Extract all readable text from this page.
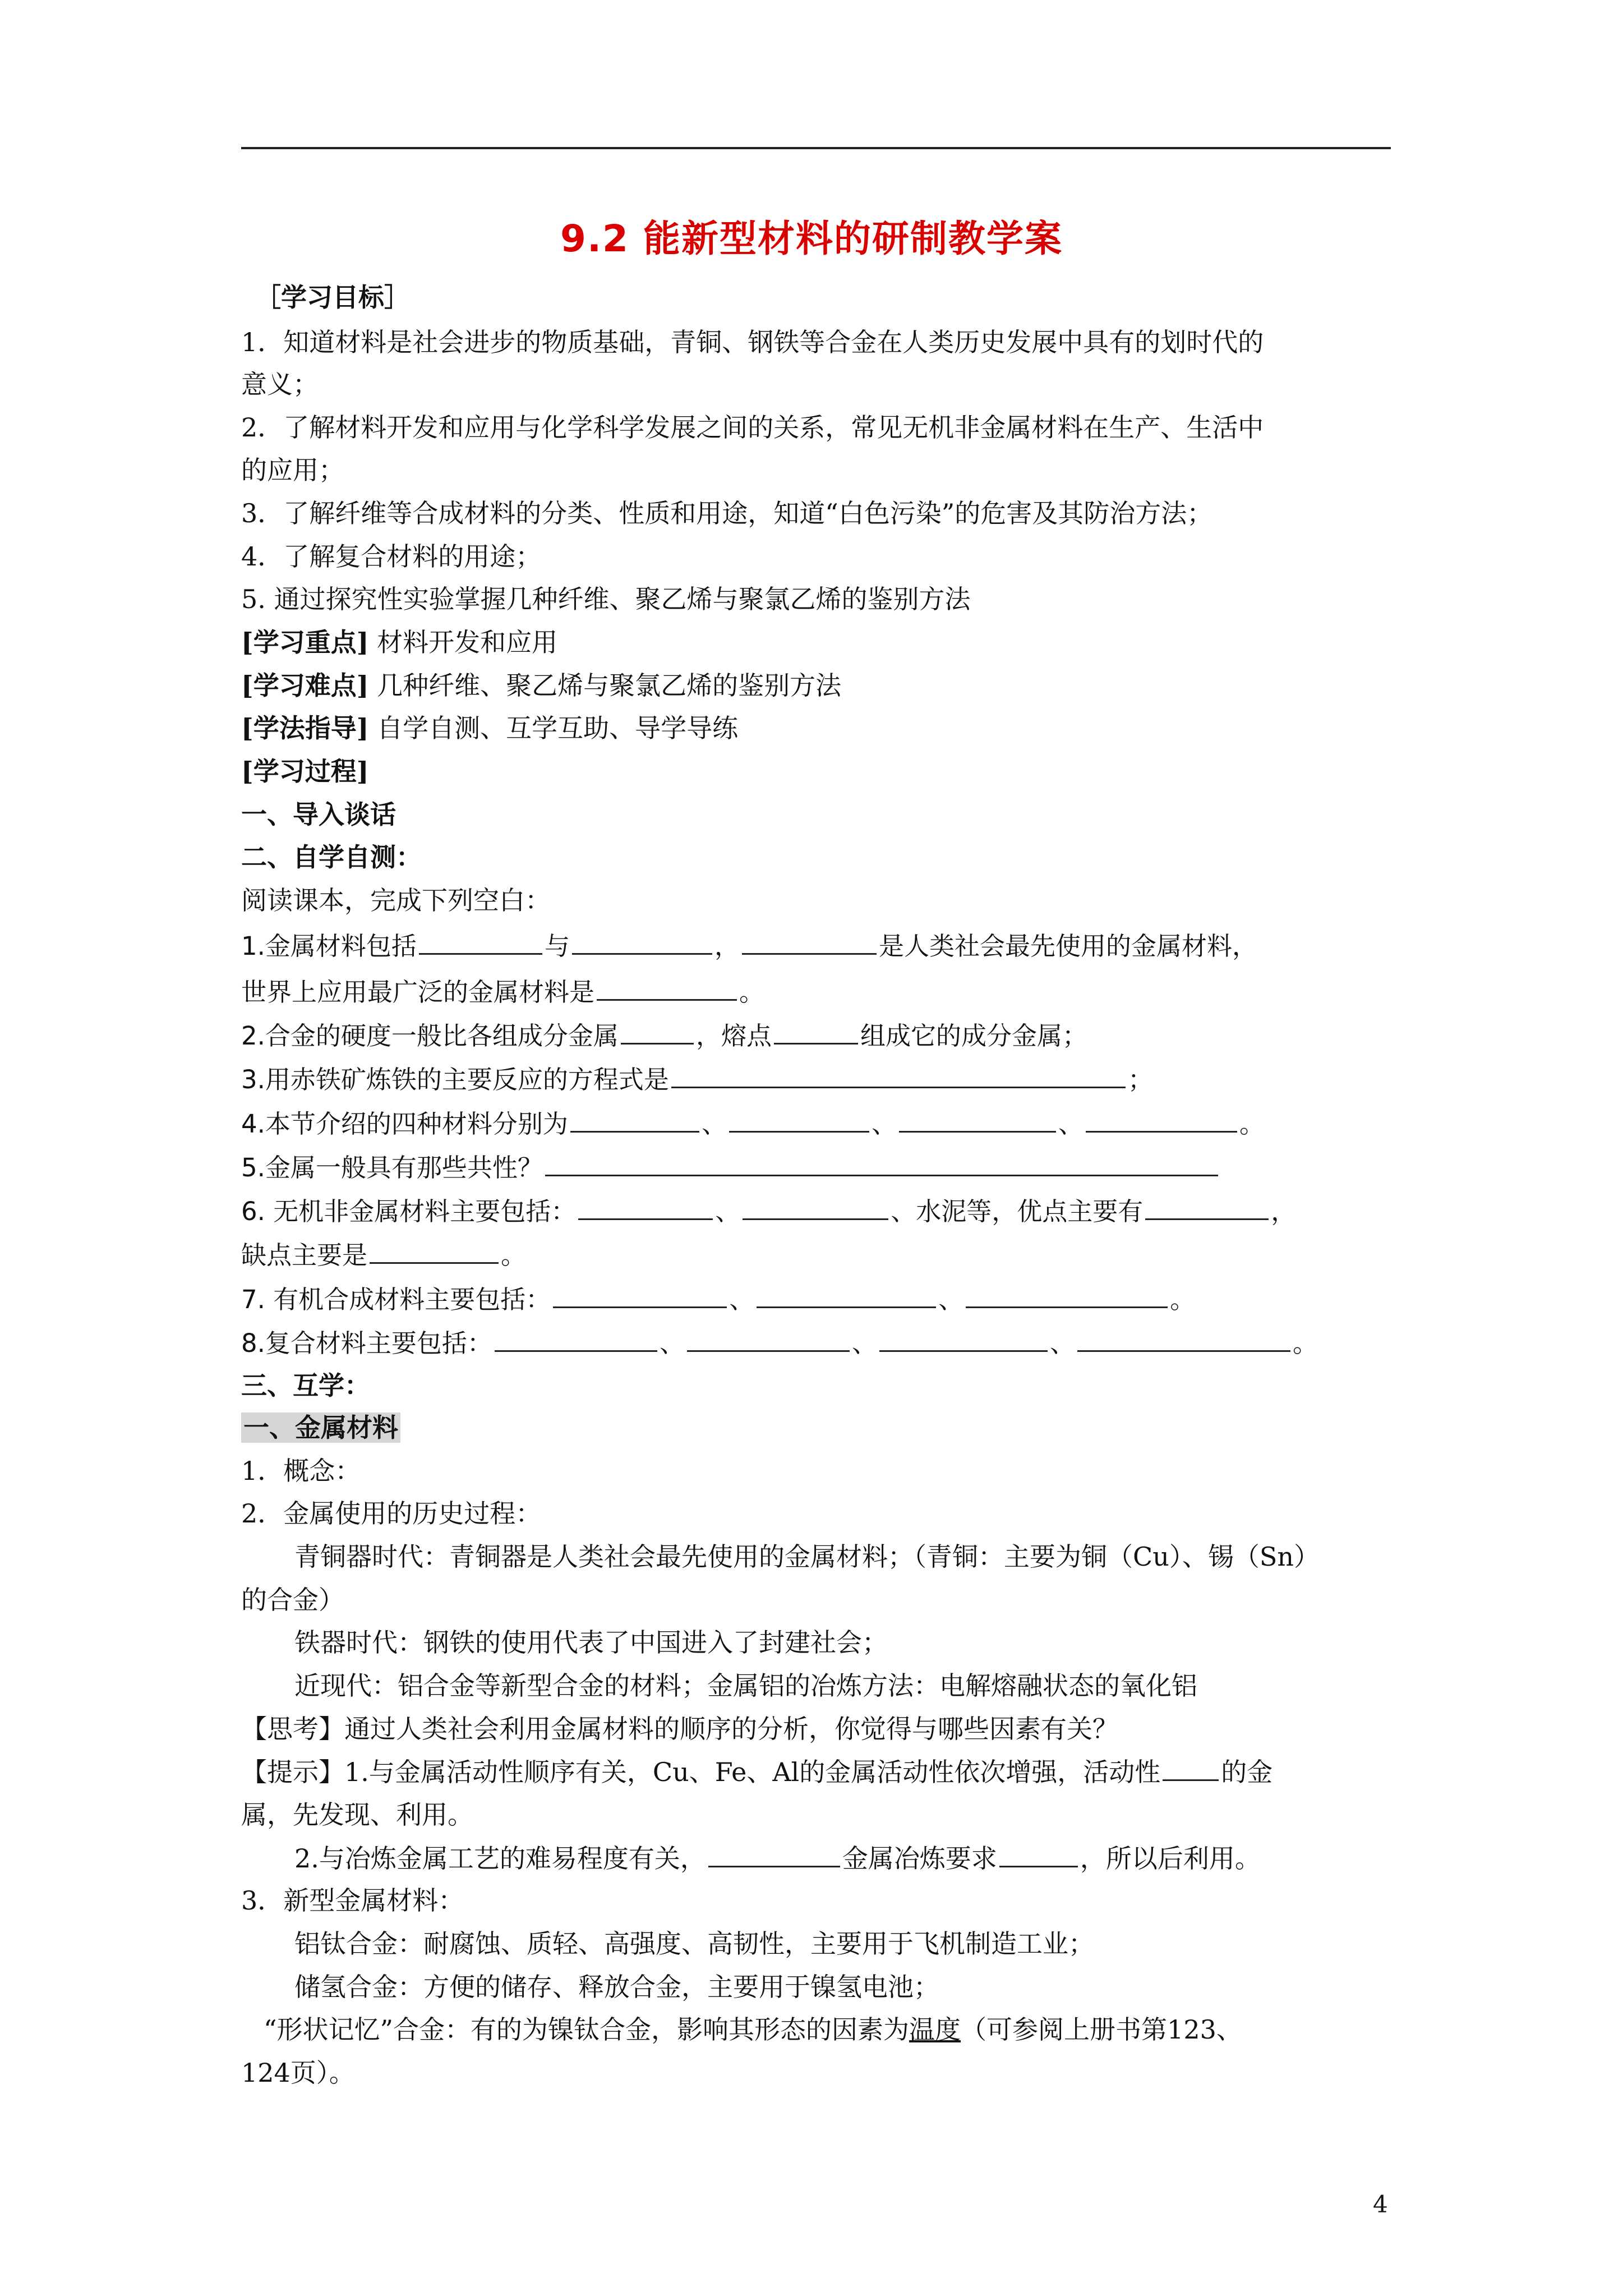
9.2 能新型材料的研制教学案
［学习目标］
1．知道材料是社会进步的物质基础，青铜、钢铁等合金在人类历史发展中具有的划时代的
意义；
2．了解材料开发和应用与化学科学发展之间的关系，常见无机非金属材料在生产、生活中
的应用；
3．了解纤维等合成材料的分类、性质和用途，知道“白色污染”的危害及其防治方法；
4．了解复合材料的用途；
5. 通过探究性实验掌握几种纤维、聚乙烯与聚氯乙烯的鉴别方法
[学习重点] 材料开发和应用
[学习难点] 几种纤维、聚乙烯与聚氯乙烯的鉴别方法
[学法指导] 自学自测、互学互助、导学导练
[学习过程]
一、导入谈话
二、自学自测：
阅读课本，完成下列空白：
1.金属材料包括	与	，	是人类社会最先使用的金属材料，
世界上应用最广泛的金属材料是	。
2.合金的硬度一般比各组成分金属	，熔点	组成它的成分金属；
3.用赤铁矿炼铁的主要反应的方程式是	；
4.本节介绍的四种材料分别为	、	、	、	。
5.金属一般具有那些共性？
6. 无机非金属材料主要包括：	、	、水泥等，优点主要有	，
缺点主要是	。
7. 有机合成材料主要包括：	、	、	。
8.复合材料主要包括：	、	、	、	。
三、互学：
一、金属材料
1．概念：
2．金属使用的历史过程：
青铜器时代：青铜器是人类社会最先使用的金属材料；（青铜：主要为铜（Cu）、锡（Sn）
的合金）
铁器时代：钢铁的使用代表了中国进入了封建社会；
近现代：铝合金等新型合金的材料；金属铝的冶炼方法：电解熔融状态的氧化铝
【思考】通过人类社会利用金属材料的顺序的分析，你觉得与哪些因素有关？
【提示】1.与金属活动性顺序有关，Cu、Fe、Al的金属活动性依次增强，活动性 的金
属，先发现、利用。
2.与冶炼金属工艺的难易程度有关，	金属冶炼要求	，所以后利用。
3．新型金属材料：
铝钛合金：耐腐蚀、质轻、高强度、高韧性，主要用于飞机制造工业；
储氢合金：方便的储存、释放合金，主要用于镍氢电池；
“形状记忆”合金：有的为镍钛合金，影响其形态的因素为温度（可参阅上册书第123、
124页）。
4
